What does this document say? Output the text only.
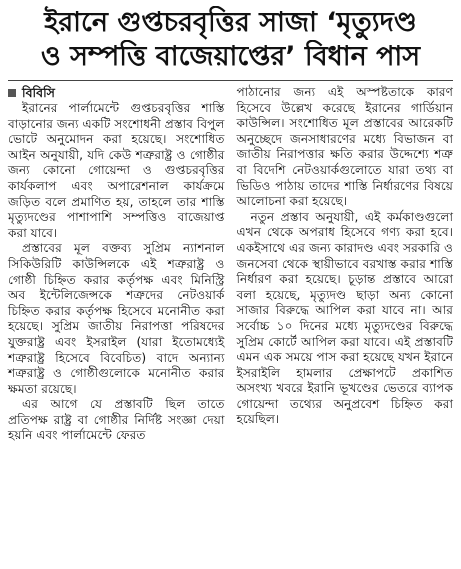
ইরানে গুপ্তচরবৃত্তির সাজা ‘মৃত্যুদণ্ড
ও সম্পত্তি বাজেয়াপ্তের’ বিধান পাস
বিবিসি

ইরানের পার্লামেন্টে গুপ্তচরবৃত্তির শাস্তি বাড়ানোর জন্য একটি সংশোধনী প্রস্তাব বিপুল ভোটে অনুমোদন করা হয়েছে। সংশোধিত আইন অনুযায়ী, যদি কেউ শত্রুরাষ্ট্র ও গোষ্ঠীর জন্য কোনো গোয়েন্দা ও গুপ্তচরবৃত্তির কার্যকলাপ এবং অপারেশনাল কার্যক্রমে জড়িত বলে প্রমাণিত হয়, তাহলে তার শাস্তি মৃত্যুদণ্ডের পাশাপাশি সম্পত্তিও বাজেয়াপ্ত করা যাবে।

প্রস্তাবের মূল বক্তব্য সুপ্রিম ন্যাশনাল সিকিউরিটি কাউন্সিলকে এই শত্রুরাষ্ট্র ও গোষ্ঠী চিহ্নিত করার কর্তৃপক্ষ এবং মিনিস্ট্রি অব ইন্টেলিজেন্সকে শত্রুদের নেটওয়ার্ক চিহ্নিত করার কর্তৃপক্ষ হিসেবে মনোনীত করা হয়েছে। সুপ্রিম জাতীয় নিরাপত্তা পরিষদের যুক্তরাষ্ট্র এবং ইসরাইল (যারা ইতোমধ্যেই শত্রুরাষ্ট্র হিসেবে বিবেচিত) বাদে অন্যান্য শত্রুরাষ্ট্র ও গোষ্ঠীগুলোকে মনোনীত করার ক্ষমতা রয়েছে।

এর আগে যে প্রস্তাবটি ছিল তাতে প্রতিপক্ষ রাষ্ট্র বা গোষ্ঠীর নির্দিষ্ট সংজ্ঞা দেয়া হয়নি এবং পার্লামেন্টে ফেরত

পাঠানোর জন্য এই অস্পষ্টতাকে কারণ হিসেবে উল্লেখ করেছে ইরানের গার্ডিয়ান কাউন্সিল। সংশোধিত মূল প্রস্তাবের আরেকটি অনুচ্ছেদে জনসাধারণের মধ্যে বিভাজন বা জাতীয় নিরাপত্তার ক্ষতি করার উদ্দেশ্যে শত্রু বা বিদেশি নেটওয়ার্কগুলোতে যারা তথ্য বা ভিডিও পাঠায় তাদের শাস্তি নির্ধারণের বিষয়ে আলোচনা করা হয়েছে।

নতুন প্রস্তাব অনুযায়ী, এই কর্মকাণ্ডগুলো এখন থেকে অপরাধ হিসেবে গণ্য করা হবে। একইসাথে এর জন্য কারাদণ্ড এবং সরকারি ও জনসেবা থেকে স্থায়ীভাবে বরখাস্ত করার শাস্তি নির্ধারণ করা হয়েছে। চূড়ান্ত প্রস্তাবে আরো বলা হয়েছে, মৃত্যুদণ্ড ছাড়া অন্য কোনো সাজার বিরুদ্ধে আপিল করা যাবে না। আর সর্বোচ্চ ১০ দিনের মধ্যে মৃত্যুদণ্ডের বিরুদ্ধে সুপ্রিম কোর্টে আপিল করা যাবে। এই প্রস্তাবটি এমন এক সময়ে পাস করা হয়েছে যখন ইরানে ইসরাইলি হামলার প্রেক্ষাপটে প্রকাশিত অসংখ্য খবরে ইরানি ভূখণ্ডের ভেতরে ব্যাপক গোয়েন্দা তথ্যের অনুপ্রবেশ চিহ্নিত করা হয়েছিল।
